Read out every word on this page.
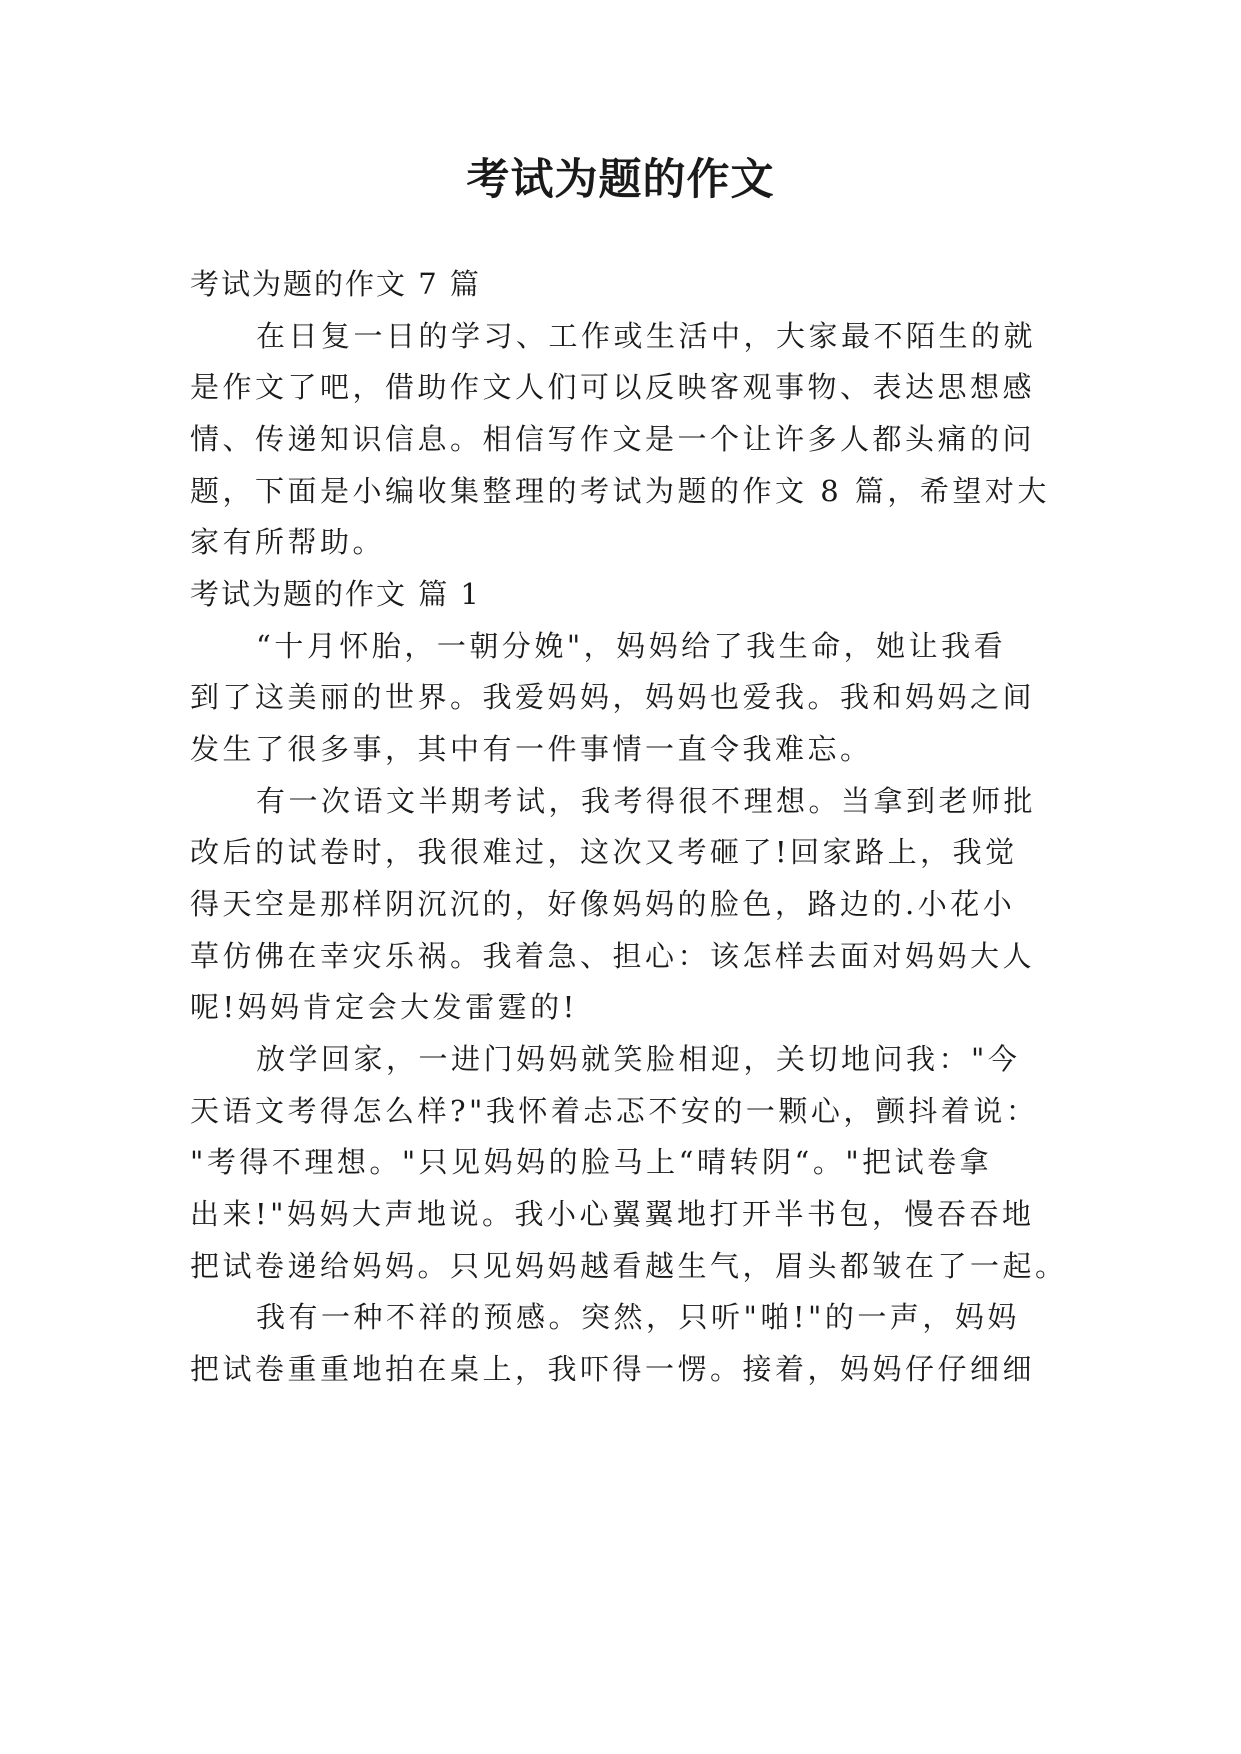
考试为题的作文
考试为题的作文 7 篇
在日复一日的学习、工作或生活中，大家最不陌生的就
是作文了吧，借助作文人们可以反映客观事物、表达思想感
情、传递知识信息。相信写作文是一个让许多人都头痛的问
题，下面是小编收集整理的考试为题的作文 8 篇，希望对大
家有所帮助。
考试为题的作文 篇 1
“十月怀胎，一朝分娩"，妈妈给了我生命，她让我看
到了这美丽的世界。我爱妈妈，妈妈也爱我。我和妈妈之间
发生了很多事，其中有一件事情一直令我难忘。
有一次语文半期考试，我考得很不理想。当拿到老师批
改后的试卷时，我很难过，这次又考砸了!回家路上，我觉
得天空是那样阴沉沉的，好像妈妈的脸色，路边的.小花小
草仿佛在幸灾乐祸。我着急、担心：该怎样去面对妈妈大人
呢!妈妈肯定会大发雷霆的!
放学回家，一进门妈妈就笑脸相迎，关切地问我："今
天语文考得怎么样?"我怀着忐忑不安的一颗心，颤抖着说：
"考得不理想。"只见妈妈的脸马上“晴转阴“。"把试卷拿
出来!"妈妈大声地说。我小心翼翼地打开半书包，慢吞吞地
把试卷递给妈妈。只见妈妈越看越生气，眉头都皱在了一起。
我有一种不祥的预感。突然，只听"啪!"的一声，妈妈
把试卷重重地拍在桌上，我吓得一愣。接着，妈妈仔仔细细
